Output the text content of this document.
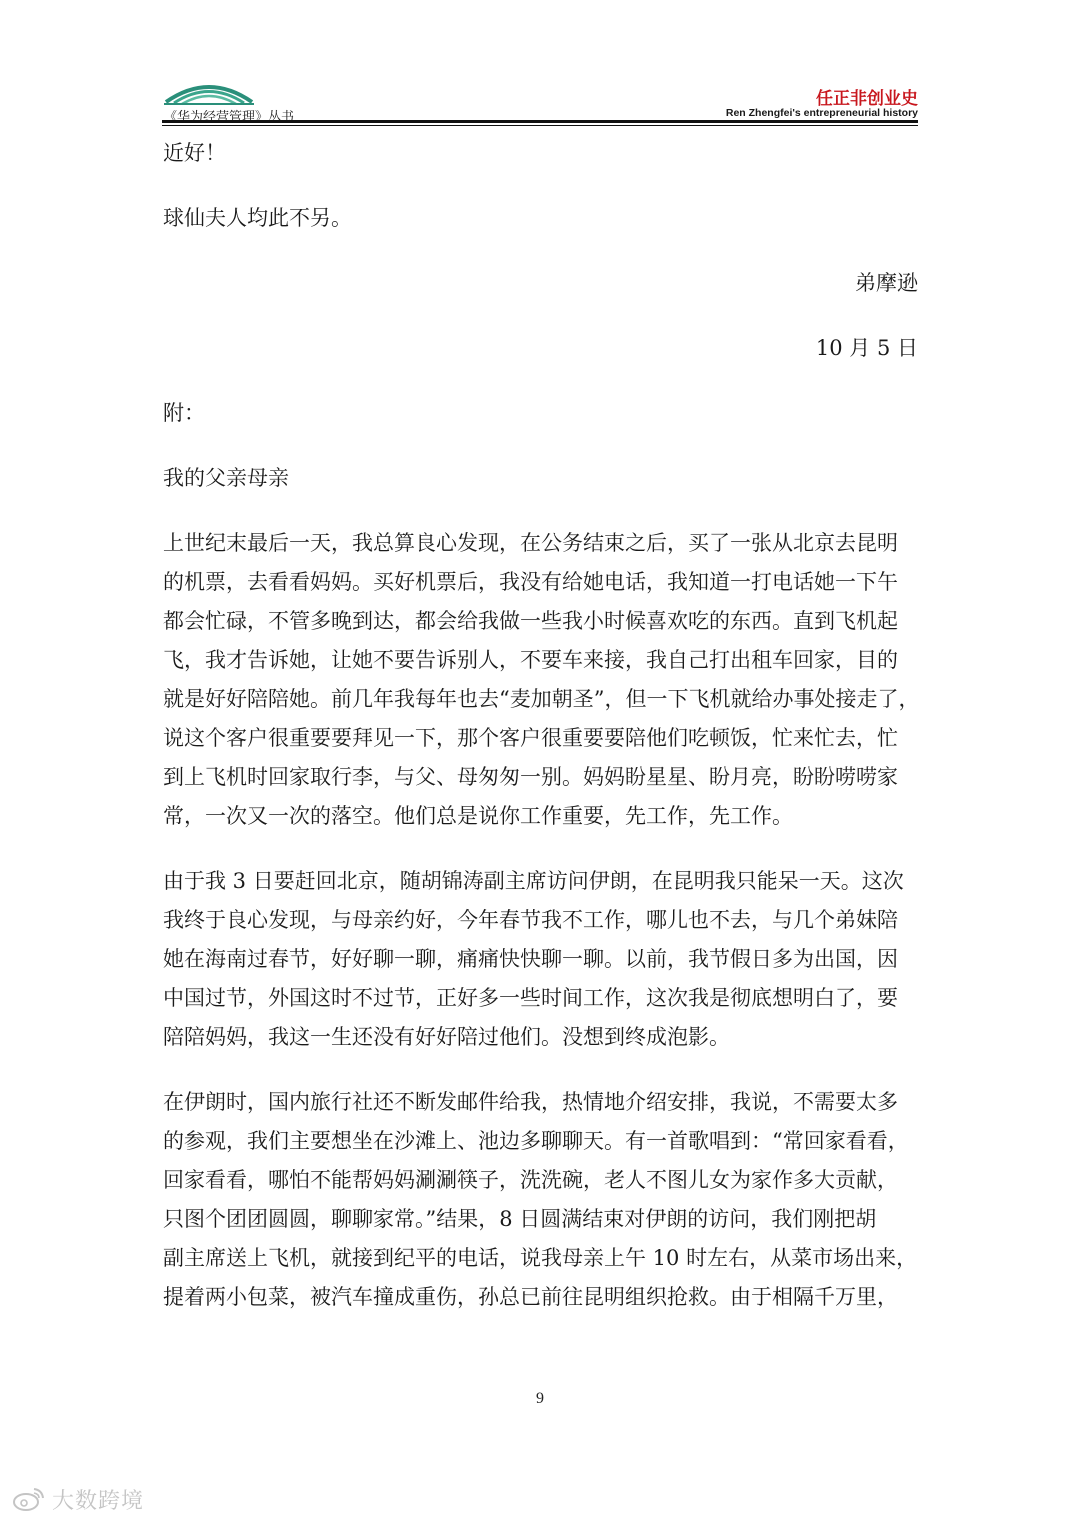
《华为经营管理》丛书
任正非创业史
Ren Zhengfei's entrepreneurial history

近好！

球仙夫人均此不另。

弟摩逊

10 月 5 日

附：

我的父亲母亲

上世纪末最后一天，我总算良心发现，在公务结束之后，买了一张从北京去昆明

的机票，去看看妈妈。买好机票后，我没有给她电话，我知道一打电话她一下午

都会忙碌，不管多晚到达，都会给我做一些我小时候喜欢吃的东西。直到飞机起

飞，我才告诉她，让她不要告诉别人，不要车来接，我自己打出租车回家，目的

就是好好陪陪她。前几年我每年也去“麦加朝圣”，但一下飞机就给办事处接走了，

说这个客户很重要要拜见一下，那个客户很重要要陪他们吃顿饭，忙来忙去，忙

到上飞机时回家取行李，与父、母匆匆一别。妈妈盼星星、盼月亮，盼盼唠唠家

常，一次又一次的落空。他们总是说你工作重要，先工作，先工作。

由于我 3 日要赶回北京，随胡锦涛副主席访问伊朗，在昆明我只能呆一天。这次

我终于良心发现，与母亲约好，今年春节我不工作，哪儿也不去，与几个弟妹陪

她在海南过春节，好好聊一聊，痛痛快快聊一聊。以前，我节假日多为出国，因

中国过节，外国这时不过节，正好多一些时间工作，这次我是彻底想明白了，要

陪陪妈妈，我这一生还没有好好陪过他们。没想到终成泡影。

在伊朗时，国内旅行社还不断发邮件给我，热情地介绍安排，我说，不需要太多

的参观，我们主要想坐在沙滩上、池边多聊聊天。有一首歌唱到：“常回家看看，

回家看看，哪怕不能帮妈妈涮涮筷子，洗洗碗，老人不图儿女为家作多大贡献，

只图个团团圆圆，聊聊家常。”结果，8 日圆满结束对伊朗的访问，我们刚把胡

副主席送上飞机，就接到纪平的电话，说我母亲上午 10 时左右，从菜市场出来，

提着两小包菜，被汽车撞成重伤，孙总已前往昆明组织抢救。由于相隔千万里，

9
大数跨境
